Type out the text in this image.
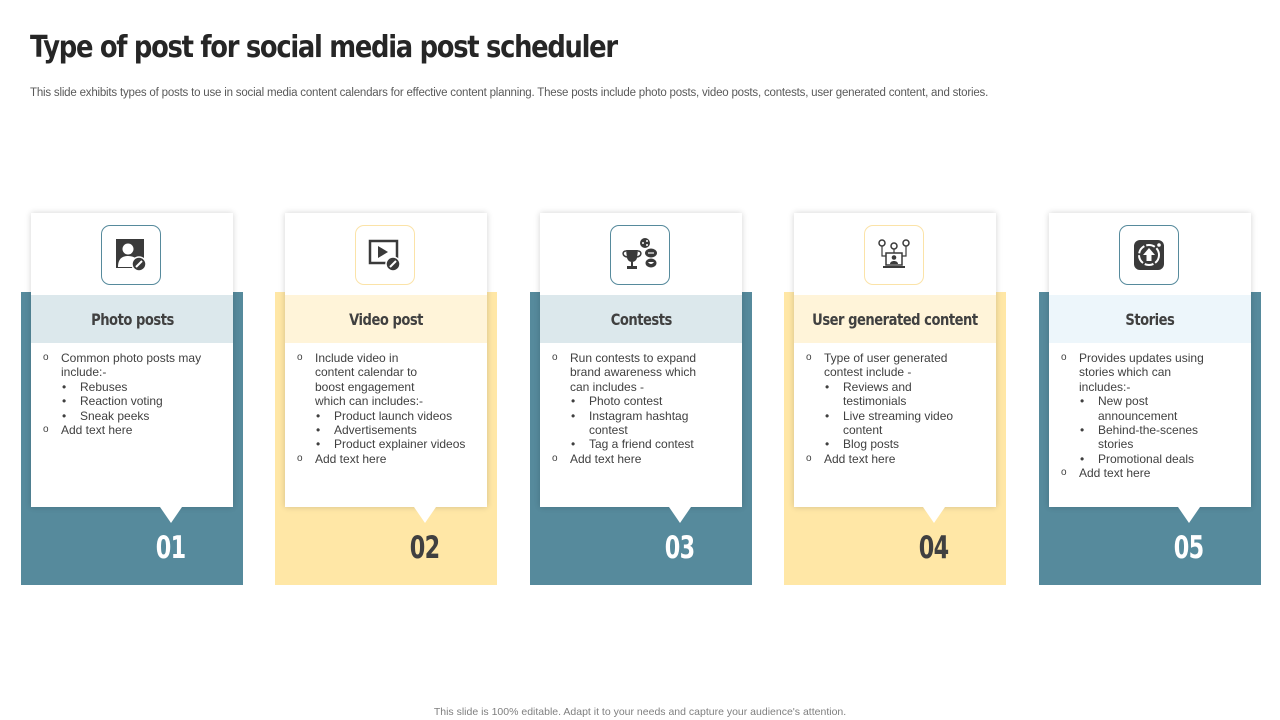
Type of post for social media post scheduler
This slide exhibits types of posts to use in social media content calendars for effective content planning. These posts include photo posts, video posts, contests, user generated content, and stories.
Photo posts
o Common photo posts may include:-
• Rebuses
• Reaction voting
• Sneak peeks
o Add text here
01
Video post
o Include video in content calendar to boost engagement which can includes:-
• Product launch videos
• Advertisements
• Product explainer videos
o Add text here
02
Contests
o Run contests to expand brand awareness which can includes -
• Photo contest
• Instagram hashtag contest
• Tag a friend contest
o Add text here
03
User generated content
o Type of user generated contest include -
• Reviews and testimonials
• Live streaming video content
• Blog posts
o Add text here
04
Stories
o Provides updates using stories which can includes:-
• New post announcement
• Behind-the-scenes stories
• Promotional deals
o Add text here
05
This slide is 100% editable. Adapt it to your needs and capture your audience's attention.
